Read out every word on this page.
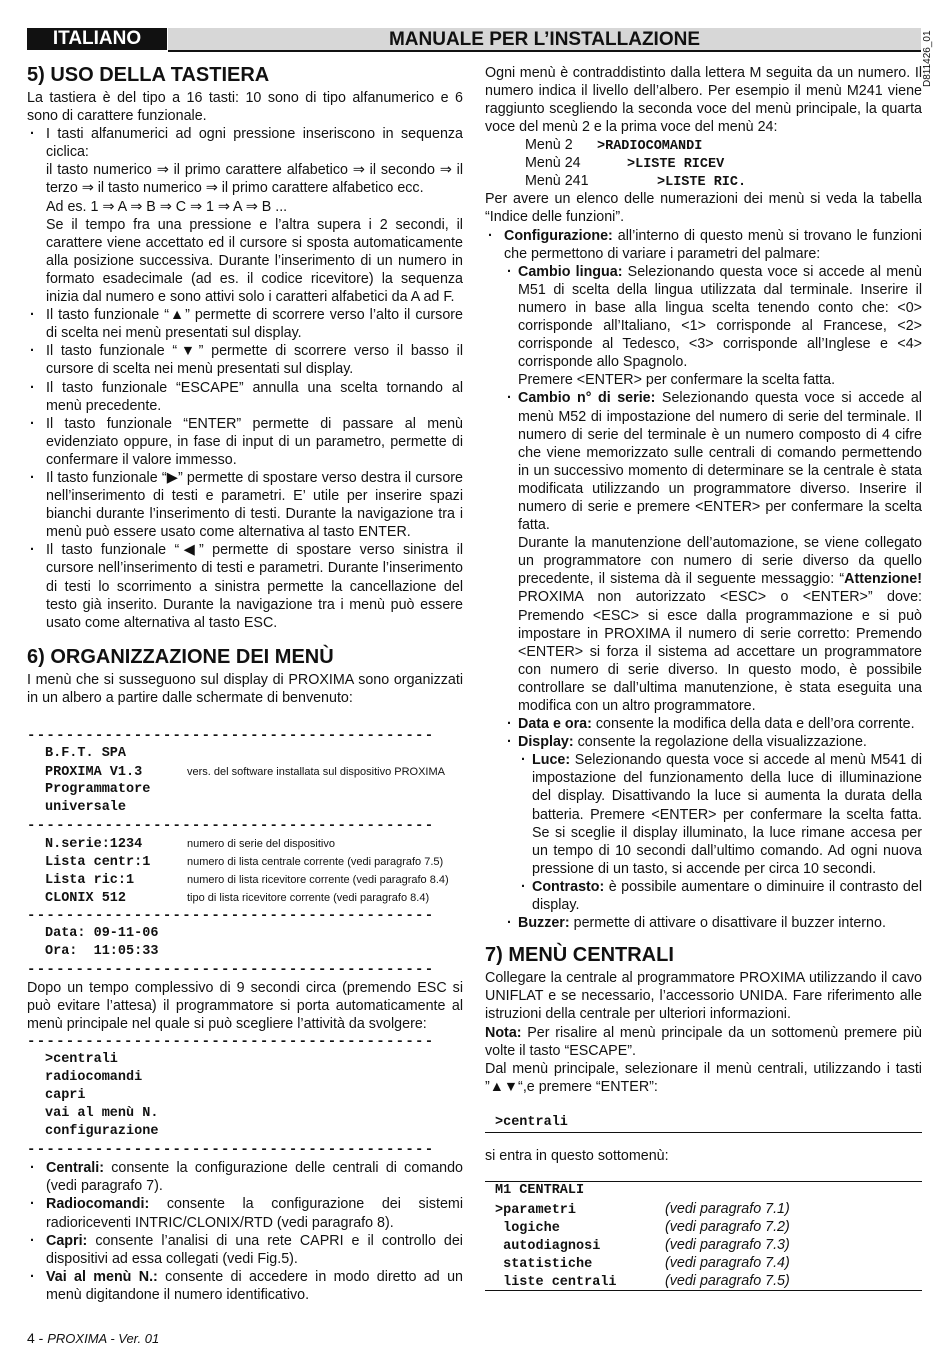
ITALIANO	MANUALE PER L’INSTALLAZIONE	D811426_01
5) USO DELLA TASTIERA

La tastiera è del tipo a 16 tasti: 10 sono di tipo alfanumerico e 6 sono di carattere funzionale.

· I tasti alfanumerici ad ogni pressione inseriscono in sequenza ciclica:
il tasto numerico ⇒ il primo carattere alfabetico ⇒ il secondo ⇒ il terzo ⇒ il tasto numerico ⇒ il primo carattere alfabetico ecc.
Ad es. 1 ⇒ A ⇒ B ⇒ C ⇒ 1 ⇒ A ⇒ B ...
Se il tempo fra una pressione e l’altra supera i 2 secondi, il carattere viene accettato ed il cursore si sposta automaticamente alla posizione successiva. Durante l’inserimento di un numero in formato esadecimale (ad es. il codice ricevitore) la sequenza inizia dal numero e sono attivi solo i caratteri alfabetici da A ad F.
· Il tasto funzionale “▲” permette di scorrere verso l’alto il cursore di scelta nei menù presentati sul display.
· Il tasto funzionale “▼” permette di scorrere verso il basso il cursore di scelta nei menù presentati sul display.
· Il tasto funzionale “ESCAPE” annulla una scelta tornando al menù precedente.
· Il tasto funzionale “ENTER” permette di passare al menù evidenziato oppure, in fase di input di un parametro, permette di confermare il valore immesso.
· Il tasto funzionale “▶” permette di spostare verso destra il cursore nell’inserimento di testi e parametri. E’ utile per inserire spazi bianchi durante l’inserimento di testi. Durante la navigazione tra i menù può essere usato come alternativa al tasto ENTER.
· Il tasto funzionale “◀” permette di spostare verso sinistra il cursore nell’inserimento di testi e parametri. Durante l’inserimento di testi lo scorrimento a sinistra permette la cancellazione del testo già inserito. Durante la navigazione tra i menù può essere usato come alternativa al tasto ESC.
6) ORGANIZZAZIONE DEI MENÙ

I menù che si susseguono sul display di PROXIMA sono organizzati in un albero a partire dalle schermate di benvenuto:

------------------------------------------
B.F.T. SPA
PROXIMA V1.3	vers. del software installata sul dispositivo PROXIMA
Programmatore
universale
------------------------------------------
N.serie:1234	numero di serie del dispositivo
Lista centr:1	numero di lista centrale corrente (vedi paragrafo 7.5)
Lista ric:1	numero di lista ricevitore corrente (vedi paragrafo 8.4)
CLONIX 512	tipo di lista ricevitore corrente (vedi paragrafo 8.4)
------------------------------------------
Data: 09-11-06
Ora:  11:05:33
------------------------------------------

Dopo un tempo complessivo di 9 secondi circa (premendo ESC si può evitare l’attesa) il programmatore si porta automaticamente al menù principale nel quale si può scegliere l’attività da svolgere:

------------------------------------------
>centrali
radiocomandi
capri
vai al menù N.
configurazione
------------------------------------------
· Centrali: consente la configurazione delle centrali di comando (vedi paragrafo 7).
· Radiocomandi: consente la configurazione dei sistemi radioriceventi INTRIC/CLONIX/RTD (vedi paragrafo 8).
· Capri: consente l’analisi di una rete CAPRI e il controllo dei dispositivi ad essa collegati (vedi Fig.5).
· Vai al menù N.: consente di accedere in modo diretto ad un menù digitandone il numero identificativo.

Ogni menù è contraddistinto dalla lettera M seguita da un numero. Il numero indica il livello dell’albero. Per esempio il menù M241 viene raggiunto scegliendo la seconda voce del menù principale, la quarta voce del menù 2 e la prima voce del menù 24:

Menù 2	>RADIOCOMANDI
Menù 24	>LISTE RICEV
Menù 241	>LISTE RIC.

Per avere un elenco delle numerazioni dei menù si veda la tabella “Indice delle funzioni”.

· Configurazione: all’interno di questo menù si trovano le funzioni che permettono di variare i parametri del palmare:
· Cambio lingua: Selezionando questa voce si accede al menù M51 di scelta della lingua utilizzata dal terminale. Inserire il numero in base alla lingua scelta tenendo conto che: <0> corrisponde all’Italiano, <1> corrisponde al Francese, <2> corrisponde al Tedesco, <3> corrisponde all’Inglese e <4> corrisponde allo Spagnolo.
Premere <ENTER> per confermare la scelta fatta.
· Cambio n° di serie: Selezionando questa voce si accede al menù M52 di impostazione del numero di serie del terminale. Il numero di serie del terminale è un numero composto di 4 cifre che viene memorizzato sulle centrali di comando permettendo in un successivo momento di determinare se la centrale è stata modificata utilizzando un programmatore diverso. Inserire il numero di serie e premere <ENTER> per confermare la scelta fatta.
Durante la manutenzione dell’automazione, se viene collegato un programmatore con numero di serie diverso da quello precedente, il sistema dà il seguente messaggio: “Attenzione! PROXIMA non autorizzato <ESC> o <ENTER>” dove: Premendo <ESC> si esce dalla programmazione e si può impostare in PROXIMA il numero di serie corretto: Premendo <ENTER> si forza il sistema ad accettare un programmatore con numero di serie diverso. In questo modo, è possibile controllare se dall’ultima manutenzione, è stata eseguita una modifica con un altro programmatore.
· Data e ora: consente la modifica della data e dell’ora corrente.
· Display: consente la regolazione della visualizzazione.
· Luce: Selezionando questa voce si accede al menù M541 di impostazione del funzionamento della luce di illuminazione del display. Disattivando la luce si aumenta la durata della batteria. Premere <ENTER> per confermare la scelta fatta. Se si sceglie il display illuminato, la luce rimane accesa per un tempo di 10 secondi dall’ultimo comando. Ad ogni nuova pressione di un tasto, si accende per circa 10 secondi.
· Contrasto: è possibile aumentare o diminuire il contrasto del display.
· Buzzer: permette di attivare o disattivare il buzzer interno.
7) MENÙ CENTRALI

Collegare la centrale al programmatore PROXIMA utilizzando il cavo UNIFLAT e se necessario, l’accessorio UNIDA. Fare riferimento alle istruzioni della centrale per ulteriori informazioni.

Nota: Per risalire al menù principale da un sottomenù premere più volte il tasto “ESCAPE”.

Dal menù principale, selezionare il menù centrali, utilizzando i tasti ”▲▼“,e premere “ENTER”:

>centrali

si entra in questo sottomenù:

M1 CENTRALI
>parametri	(vedi paragrafo 7.1)
logiche	(vedi paragrafo 7.2)
autodiagnosi	(vedi paragrafo 7.3)
statistiche	(vedi paragrafo 7.4)
liste centrali	(vedi paragrafo 7.5)
4 - PROXIMA - Ver. 01
